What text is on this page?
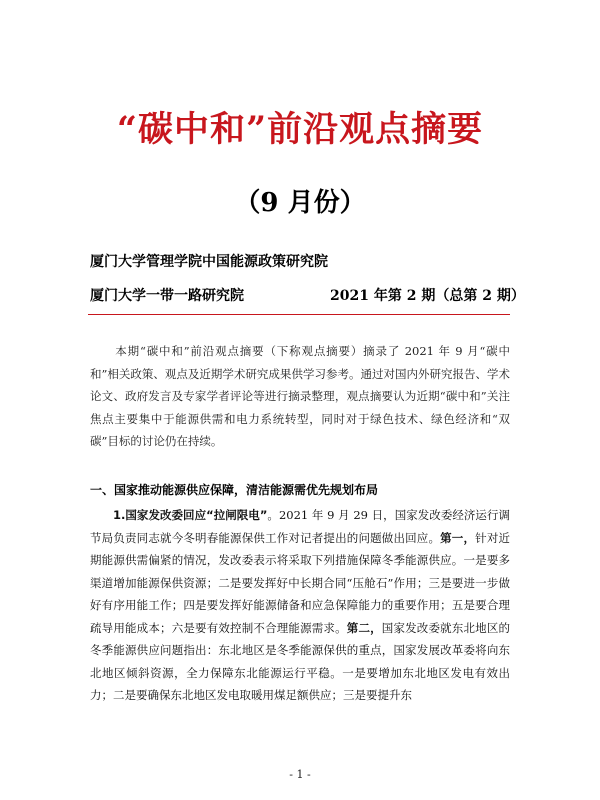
“碳中和”前沿观点摘要
（9 月份）
厦门大学管理学院中国能源政策研究院
厦门大学一带一路研究院	2021 年第 2 期（总第 2 期）
本期“碳中和”前沿观点摘要（下称观点摘要）摘录了 2021 年 9 月“碳中和”相关政策、观点及近期学术研究成果供学习参考。通过对国内外研究报告、学术论文、政府发言及专家学者评论等进行摘录整理，观点摘要认为近期“碳中和”关注焦点主要集中于能源供需和电力系统转型，同时对于绿色技术、绿色经济和“双碳”目标的讨论仍在持续。
一、国家推动能源供应保障，清洁能源需优先规划布局
1.国家发改委回应“拉闸限电”。2021 年 9 月 29 日，国家发改委经济运行调节局负责同志就今冬明春能源保供工作对记者提出的问题做出回应。第一，针对近期能源供需偏紧的情况，发改委表示将采取下列措施保障冬季能源供应。一是要多渠道增加能源保供资源；二是要发挥好中长期合同“压舱石”作用；三是要进一步做好有序用能工作；四是要发挥好能源储备和应急保障能力的重要作用；五是要合理疏导用能成本；六是要有效控制不合理能源需求。第二，国家发改委就东北地区的冬季能源供应问题指出：东北地区是冬季能源保供的重点，国家发展改革委将向东北地区倾斜资源，全力保障东北能源运行平稳。一是要增加东北地区发电有效出力；二是要确保东北地区发电取暖用煤足额供应；三是要提升东
- 1 -
